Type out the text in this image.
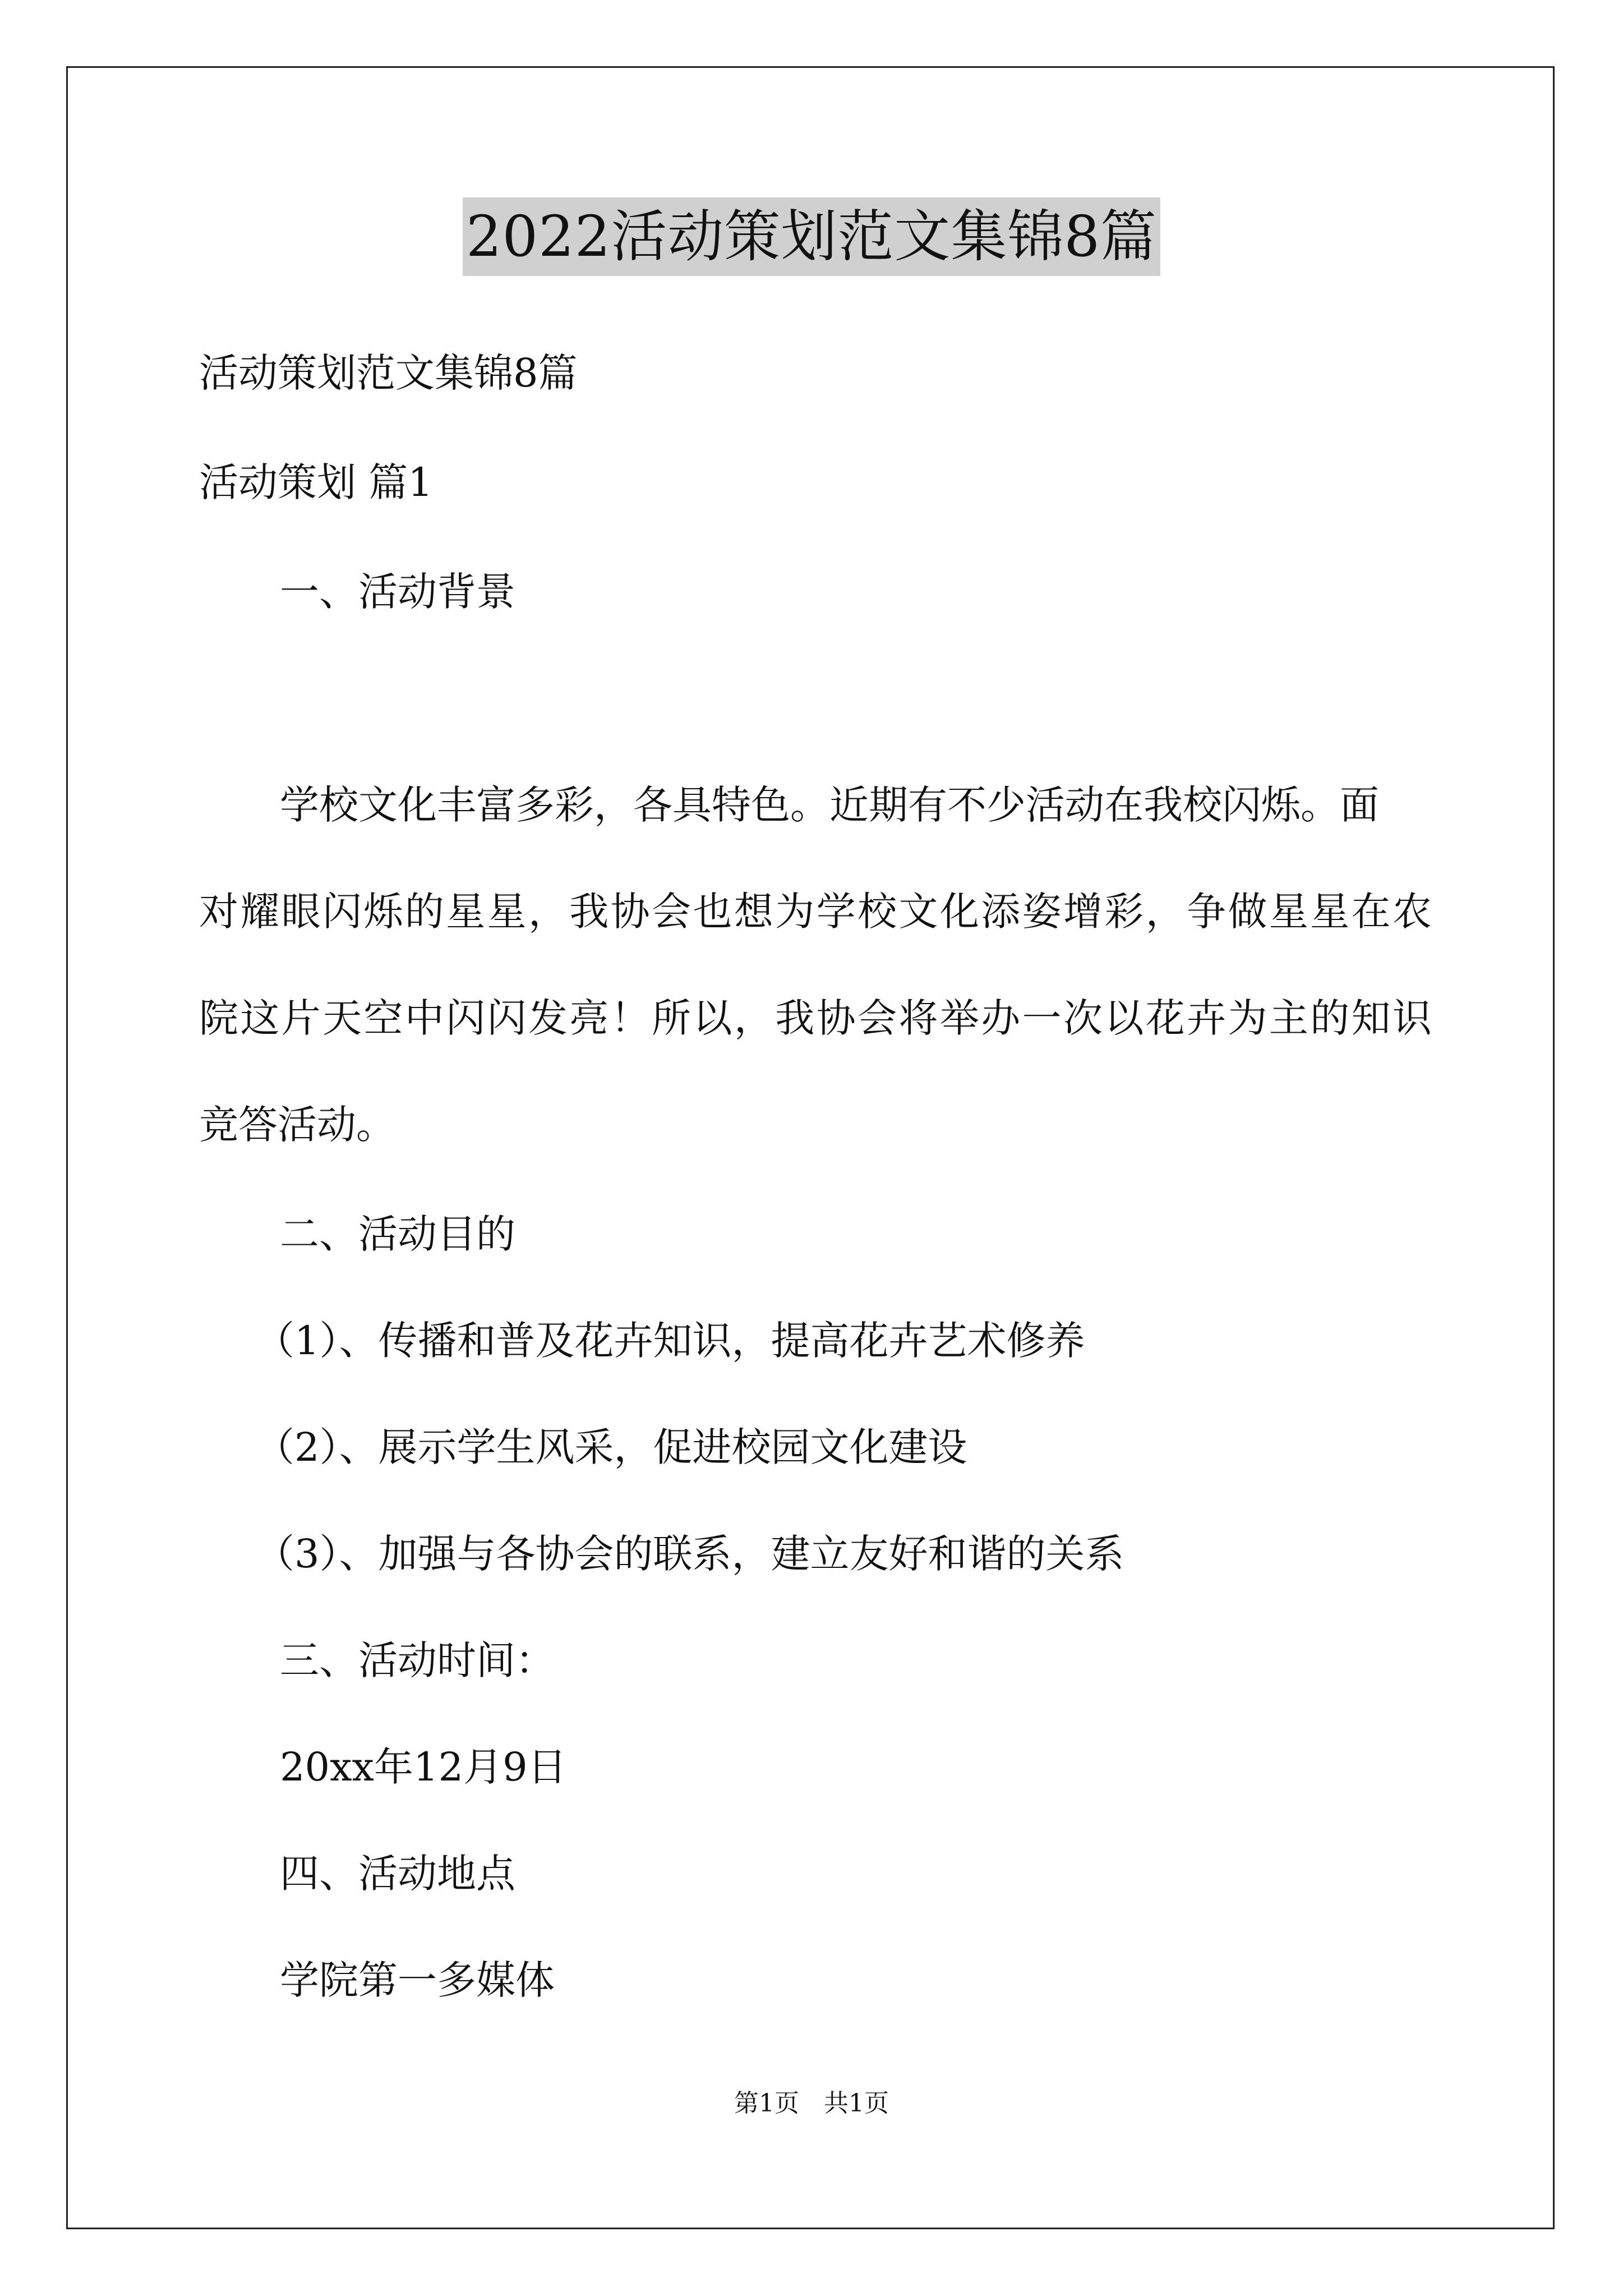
2022活动策划范文集锦8篇
活动策划范文集锦8篇
活动策划 篇1
一、活动背景
学校文化丰富多彩，各具特色。近期有不少活动在我校闪烁。面
对耀眼闪烁的星星，我协会也想为学校文化添姿增彩，争做星星在农
院这片天空中闪闪发亮！所以，我协会将举办一次以花卉为主的知识
竞答活动。
二、活动目的
（1）、传播和普及花卉知识，提高花卉艺术修养
（2）、展示学生风采，促进校园文化建设
（3）、加强与各协会的联系，建立友好和谐的关系
三、活动时间：
20xx年12月9日
四、活动地点
学院第一多媒体
第1页　共1页
